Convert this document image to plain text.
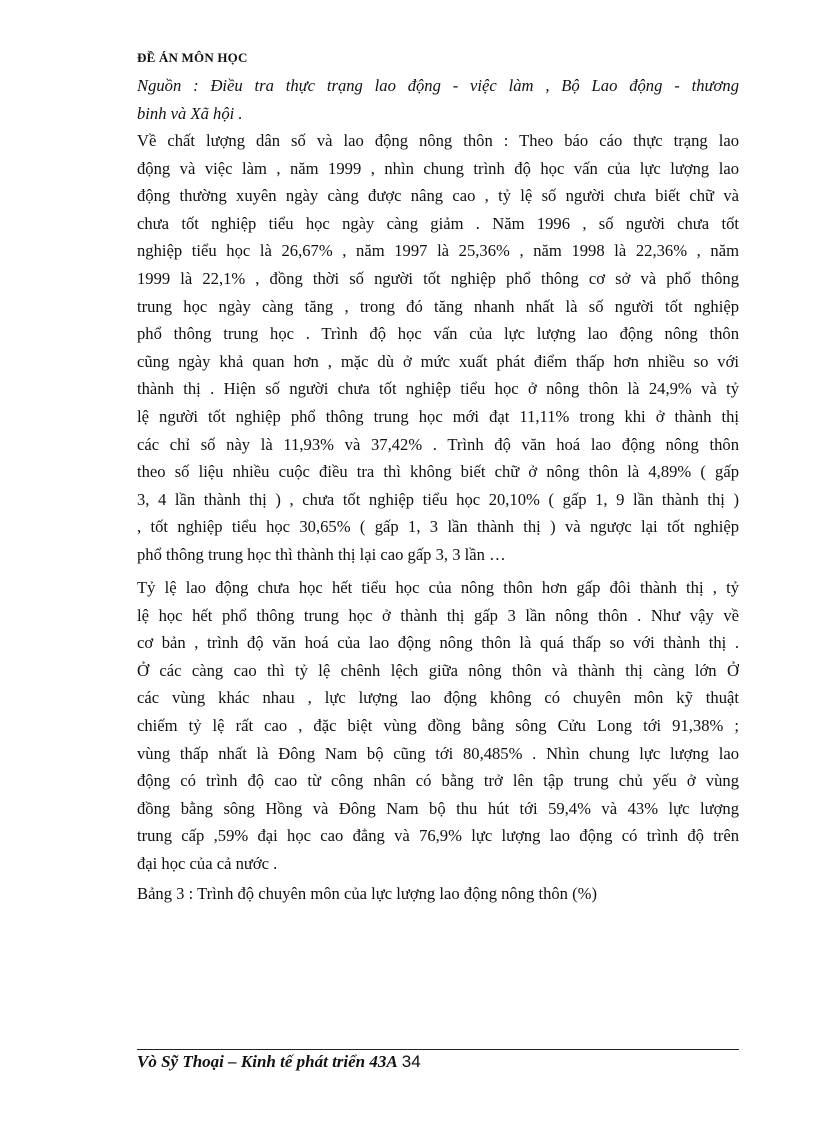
ĐỀ ÁN MÔN HỌC
Nguồn : Điều tra thực trạng lao động - việc làm , Bộ Lao động - thương
binh và Xã hội .
Về chất lượng dân số và lao động nông thôn : Theo báo cáo thực trạng lao
động và việc làm , năm 1999 , nhìn chung trình độ học vấn của lực lượng lao
động thường xuyên ngày càng được nâng cao , tỷ lệ số người chưa biết chữ và
chưa tốt nghiệp tiểu học ngày càng giảm . Năm 1996 , số người chưa tốt
nghiệp tiểu học là 26,67% , năm 1997 là 25,36% , năm 1998 là 22,36% , năm
1999 là 22,1% , đồng thời số người tốt nghiệp phổ thông cơ sở và phổ thông
trung học ngày càng tăng , trong đó tăng nhanh nhất là số người tốt nghiệp
phổ thông trung học . Trình độ học vấn của lực lượng lao động nông thôn
cũng ngày khả quan hơn , mặc dù ở mức xuất phát điểm thấp hơn nhiều so với
thành thị . Hiện số người chưa tốt nghiệp tiểu học ở nông thôn là 24,9% và tỷ
lệ người tốt nghiệp phổ thông trung học mới đạt 11,11% trong khi ở thành thị
các chỉ số này là 11,93% và 37,42% . Trình độ văn hoá lao động nông thôn
theo số liệu nhiều cuộc điều tra thì không biết chữ ở nông thôn là 4,89% ( gấp
3, 4 lần thành thị ) , chưa tốt nghiệp tiểu học 20,10% ( gấp 1, 9 lần thành thị )
, tốt nghiệp tiểu học 30,65% ( gấp 1, 3 lần thành thị ) và ngược lại tốt nghiệp
phổ thông trung học thì thành thị lại cao gấp 3, 3 lần …
Tỷ lệ lao động chưa học hết tiểu học của nông thôn hơn gấp đôi thành thị , tỷ
lệ học hết phổ thông trung học ở thành thị gấp 3 lần nông thôn . Như vậy về
cơ bản , trình độ văn hoá của lao động nông thôn là quá thấp so với thành thị .
Ở các càng cao thì tỷ lệ chênh lệch giữa nông thôn và thành thị càng lớn Ở
các vùng khác nhau , lực lượng lao động không có chuyên môn kỹ thuật
chiếm tỷ lệ rất cao , đặc biệt vùng đồng bằng sông Cửu Long tới 91,38% ;
vùng thấp nhất là Đông Nam bộ cũng tới 80,485% . Nhìn chung lực lượng lao
động có trình độ cao từ công nhân có bằng trở lên tập trung chủ yếu ở vùng
đồng bằng sông Hồng và Đông Nam bộ thu hút tới 59,4% và 43% lực lượng
trung cấp ,59% đại học cao đẳng và 76,9% lực lượng lao động có trình độ trên
đại học của cả nước .
Bảng 3 : Trình độ chuyên môn của lực lượng lao động nông thôn (%)
Vò Sỹ Thoại – Kinh tế phát triển 43A 34
